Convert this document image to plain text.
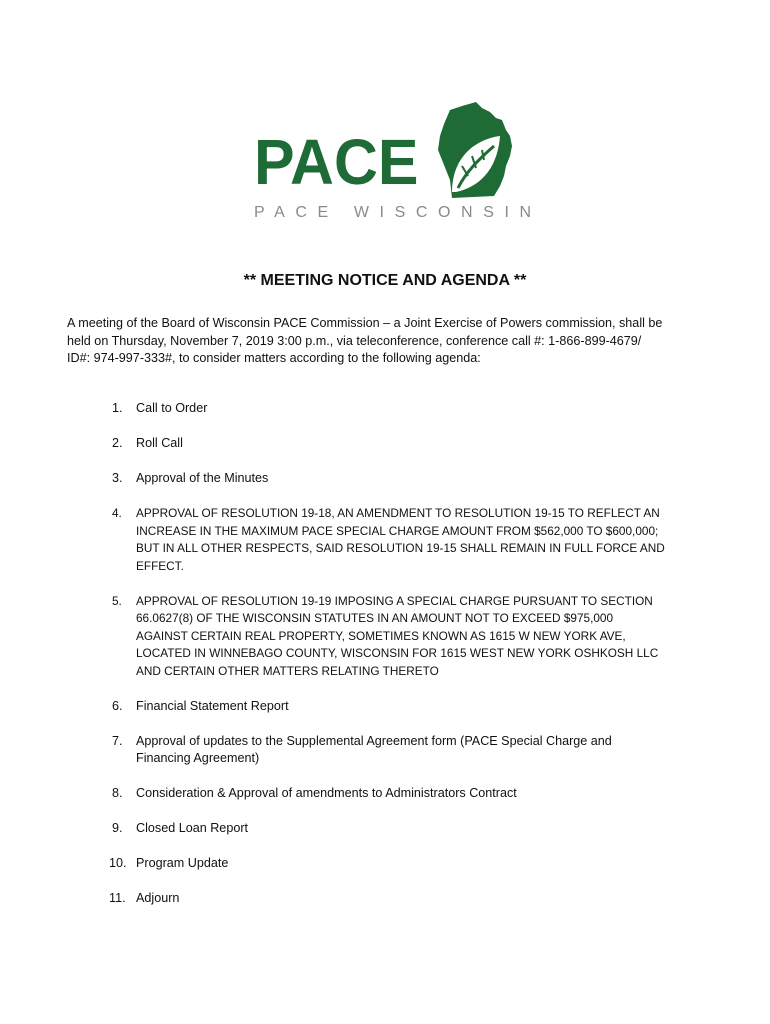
PACE
PACE WISCONSIN
** MEETING NOTICE AND AGENDA **

A meeting of the Board of Wisconsin PACE Commission – a Joint Exercise of Powers commission, shall be held on Thursday, November 7, 2019 3:00 p.m., via teleconference, conference call #: 1-866-899-4679/ ID#: 974-997-333#, to consider matters according to the following agenda:

1. Call to Order
2. Roll Call
3. Approval of the Minutes
4. APPROVAL OF RESOLUTION 19-18, AN AMENDMENT TO RESOLUTION 19-15 TO REFLECT AN INCREASE IN THE MAXIMUM PACE SPECIAL CHARGE AMOUNT FROM $562,000 TO $600,000; BUT IN ALL OTHER RESPECTS, SAID RESOLUTION 19-15 SHALL REMAIN IN FULL FORCE AND EFFECT.
5. APPROVAL OF RESOLUTION 19-19 IMPOSING A SPECIAL CHARGE PURSUANT TO SECTION 66.0627(8) OF THE WISCONSIN STATUTES IN AN AMOUNT NOT TO EXCEED $975,000 AGAINST CERTAIN REAL PROPERTY, SOMETIMES KNOWN AS 1615 W NEW YORK AVE, LOCATED IN WINNEBAGO COUNTY, WISCONSIN FOR 1615 WEST NEW YORK OSHKOSH LLC AND CERTAIN OTHER MATTERS RELATING THERETO
6. Financial Statement Report
7. Approval of updates to the Supplemental Agreement form (PACE Special Charge and Financing Agreement)
8. Consideration & Approval of amendments to Administrators Contract
9. Closed Loan Report
10. Program Update
11. Adjourn
